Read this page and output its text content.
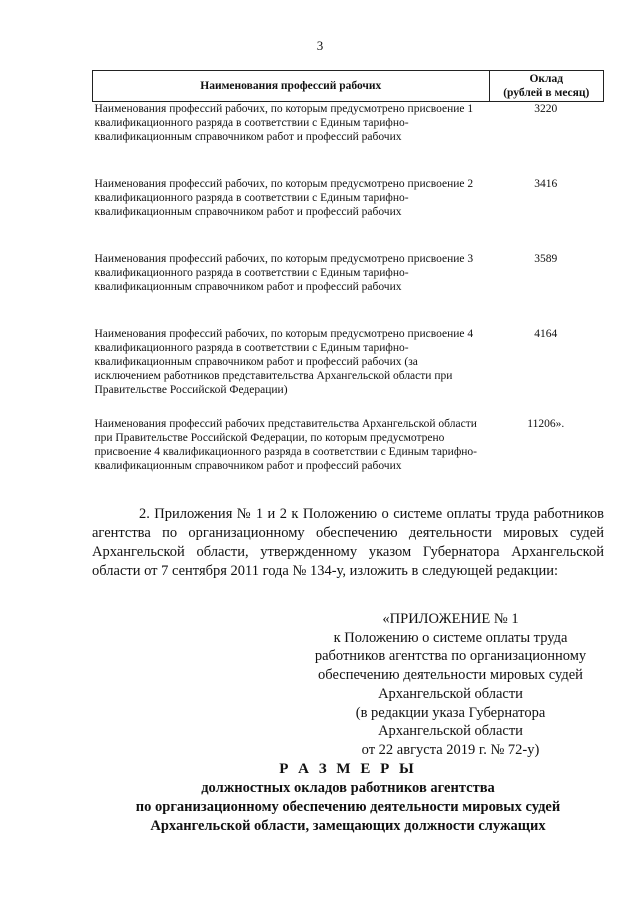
3
Наименования профессий рабочих	Оклад
(рублей в месяц)

Наименования профессий рабочих, по которым предусмотрено присвоение 1 квалификационного разряда в соответствии с Единым тарифно-квалификационным справочником работ и профессий рабочих	3220
Наименования профессий рабочих, по которым предусмотрено присвоение 2 квалификационного разряда в соответствии с Единым тарифно-квалификационным справочником работ и профессий рабочих	3416
Наименования профессий рабочих, по которым предусмотрено присвоение 3 квалификационного разряда в соответствии с Единым тарифно-квалификационным справочником работ и профессий рабочих	3589
Наименования профессий рабочих, по которым предусмотрено присвоение 4 квалификационного разряда в соответствии с Единым тарифно-квалификационным справочником работ и профессий рабочих (за исключением работников представительства Архангельской области при Правительстве Российской Федерации)	4164
Наименования профессий рабочих представительства Архангельской области при Правительстве Российской Федерации, по которым предусмотрено присвоение 4 квалификационного разряда в соответствии с Единым тарифно-квалификационным справочником работ и профессий рабочих	11206».

2. Приложения № 1 и 2 к Положению о системе оплаты труда работников агентства по организационному обеспечению деятельности мировых судей Архангельской области, утвержденному указом Губернатора Архангельской области от 7 сентября 2011 года № 134-у, изложить в следующей редакции:

«ПРИЛОЖЕНИЕ № 1
к Положению о системе оплаты труда
работников агентства по организационному
обеспечению деятельности мировых судей
Архангельской области
(в редакции указа Губернатора
Архангельской области
от 22 августа 2019 г. № 72-у)
Р А З М Е Р Ы
должностных окладов работников агентства
по организационному обеспечению деятельности мировых судей
Архангельской области, замещающих должности служащих
